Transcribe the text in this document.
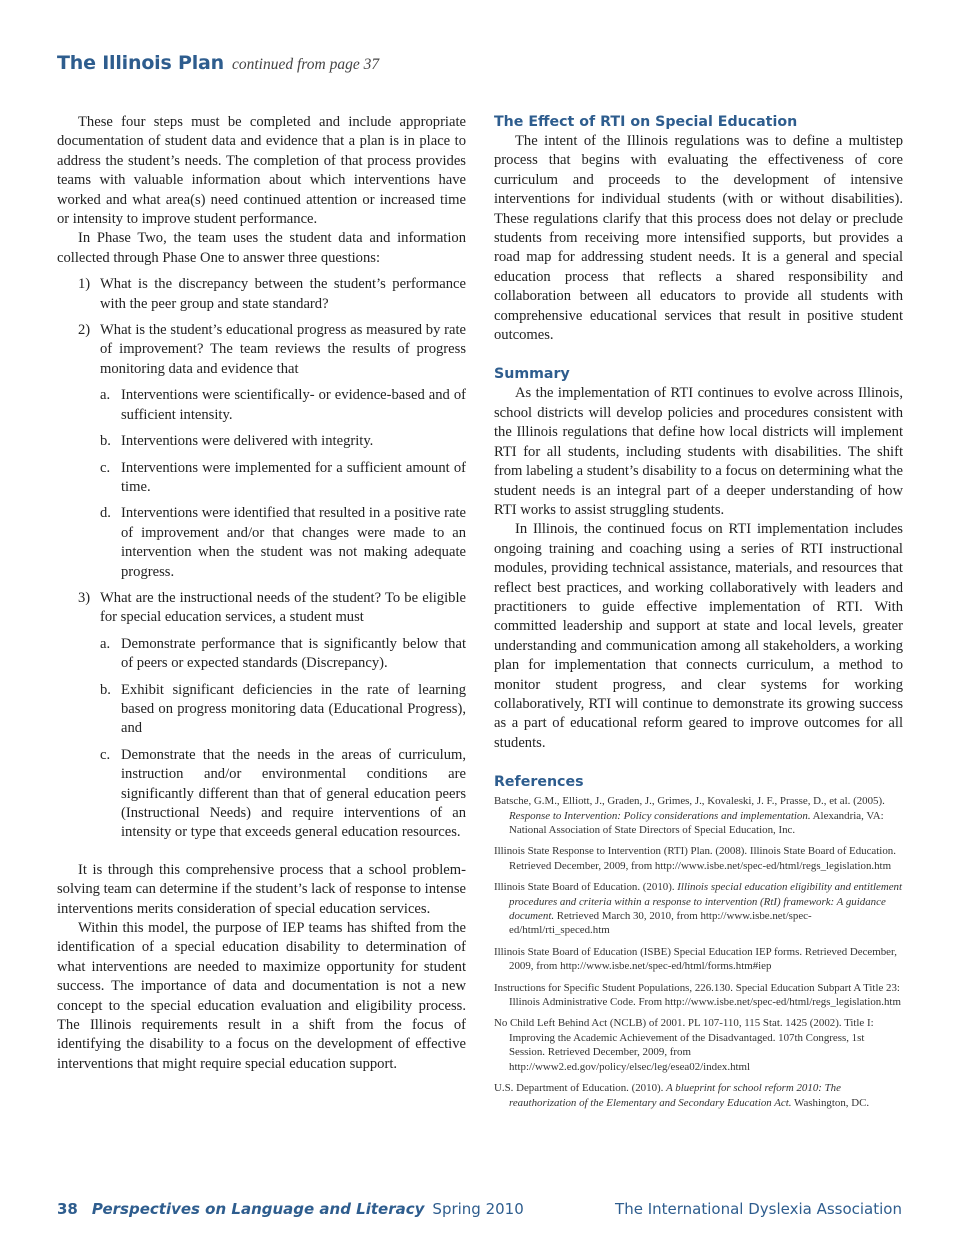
The Illinois Plan continued from page 37

These four steps must be completed and include appropriate documentation of student data and evidence that a plan is in place to address the student’s needs. The completion of that process provides teams with valuable information about which interventions have worked and what area(s) need continued attention or increased time or intensity to improve student performance.

In Phase Two, the team uses the student data and information collected through Phase One to answer three questions:

1) What is the discrepancy between the student’s performance with the peer group and state standard?
2) What is the student’s educational progress as measured by rate of improvement? The team reviews the results of progress monitoring data and evidence that
a. Interventions were scientifically- or evidence-based and of sufficient intensity.
b. Interventions were delivered with integrity.
c. Interventions were implemented for a sufficient amount of time.
d. Interventions were identified that resulted in a positive rate of improvement and/or that changes were made to an intervention when the student was not making adequate progress.
3) What are the instructional needs of the student? To be eligible for special education services, a student must
a. Demonstrate performance that is significantly below that of peers or expected standards (Discrepancy).
b. Exhibit significant deficiencies in the rate of learning based on progress monitoring data (Educational Progress), and
c. Demonstrate that the needs in the areas of curriculum, instruction and/or environmental conditions are significantly different than that of general education peers (Instructional Needs) and require interventions of an intensity or type that exceeds general education resources.

It is through this comprehensive process that a school problem-solving team can determine if the student’s lack of response to intense interventions merits consideration of special education services.

Within this model, the purpose of IEP teams has shifted from the identification of a special education disability to determination of what interventions are needed to maximize opportunity for student success. The importance of data and documentation is not a new concept to the special education evaluation and eligibility process. The Illinois requirements result in a shift from the focus of identifying the disability to a focus on the development of effective interventions that might require special education support.

The Effect of RTI on Special Education

The intent of the Illinois regulations was to define a multistep process that begins with evaluating the effectiveness of core curriculum and proceeds to the development of intensive interventions for individual students (with or without disabilities). These regulations clarify that this process does not delay or preclude students from receiving more intensified supports, but provides a road map for addressing student needs. It is a general and special education process that reflects a shared responsibility and collaboration between all educators to provide all students with comprehensive educational services that result in positive student outcomes.

Summary

As the implementation of RTI continues to evolve across Illinois, school districts will develop policies and procedures consistent with the Illinois regulations that define how local districts will implement RTI for all students, including students with disabilities. The shift from labeling a student’s disability to a focus on determining what the student needs is an integral part of a deeper understanding of how RTI works to assist struggling students.

In Illinois, the continued focus on RTI implementation includes ongoing training and coaching using a series of RTI instructional modules, providing technical assistance, materials, and resources that reflect best practices, and working collaboratively with leaders and practitioners to guide effective implementation of RTI. With committed leadership and support at state and local levels, greater understanding and communication among all stakeholders, a working plan for implementation that connects curriculum, a method to monitor student progress, and clear systems for working collaboratively, RTI will continue to demonstrate its growing success as a part of educational reform geared to improve outcomes for all students.

References
Batsche, G.M., Elliott, J., Graden, J., Grimes, J., Kovaleski, J. F., Prasse, D., et al. (2005). Response to Intervention: Policy considerations and implementation. Alexandria, VA: National Association of State Directors of Special Education, Inc.
Illinois State Response to Intervention (RTI) Plan. (2008). Illinois State Board of Education. Retrieved December, 2009, from http://www.isbe.net/spec-ed/html/regs_legislation.htm
Illinois State Board of Education. (2010). Illinois special education eligibility and entitlement procedures and criteria within a response to intervention (RtI) framework: A guidance document. Retrieved March 30, 2010, from http://www.isbe.net/spec-ed/html/rti_speced.htm
Illinois State Board of Education (ISBE) Special Education IEP forms. Retrieved December, 2009, from http://www.isbe.net/spec-ed/html/forms.htm#iep
Instructions for Specific Student Populations, 226.130. Special Education Subpart A Title 23: Illinois Administrative Code. From http://www.isbe.net/spec-ed/html/regs_legislation.htm
No Child Left Behind Act (NCLB) of 2001. PL 107-110, 115 Stat. 1425 (2002). Title I: Improving the Academic Achievement of the Disadvantaged. 107th Congress, 1st Session. Retrieved December, 2009, from http://www2.ed.gov/policy/elsec/leg/esea02/index.html
U.S. Department of Education. (2010). A blueprint for school reform 2010: The reauthorization of the Elementary and Secondary Education Act. Washington, DC.
38 Perspectives on Language and Literacy Spring 2010	The International Dyslexia Association
